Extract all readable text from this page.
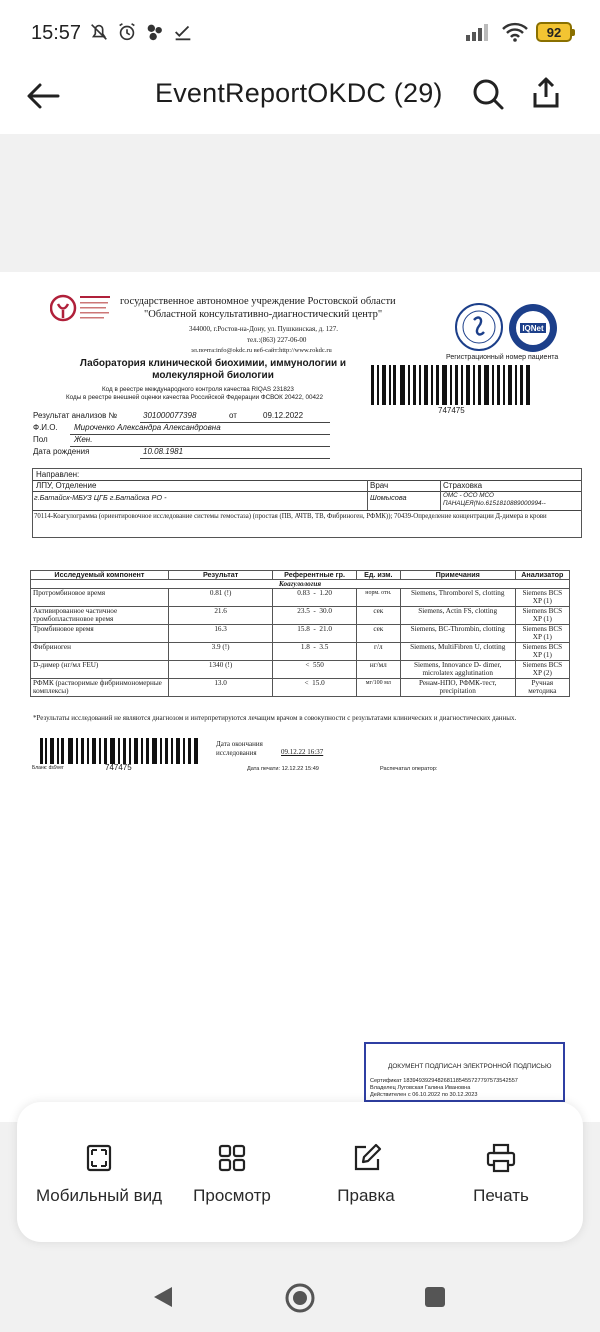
15:57	92
EventReportOKDC (29)
государственное автономное учреждение Ростовской области
"Областной консультативно-диагностический центр"
344000, г.Ростов-на-Дону, ул. Пушкинская, д. 127.
тел.:(863) 227-06-00
эл.почта:info@okdc.ru веб-сайт:http://www.rokdc.ru
IQNet
Регистрационный номер пациента
Лаборатория клинической биохимии, иммунологии и молекулярной биологии
Код в реестре международного контроля качества RIQAS 231823
Коды в реестре внешней оценки качества Российской Федерации ФСВОК 20422, 00422
747475
Результат анализов №	301000077398	от	09.12.2022
Ф.И.О. Мироченко Александра Александровна
Пол	Жен.
Дата рождения	10.08.1981
Направлен:
ЛПУ, Отделение	Врач	Страховка
г.Батайск-МБУЗ ЦГБ г.Батайска РО -	Шомысова	ОМС - ОСО МСО
ПАНАЦЕЯ(No.6151810889000994--
70114-Коагулограмма (ориентировочное исследование системы гемостаза) (простая (ПВ, АЧТВ, ТВ, Фибриноген, РФМК)); 70439-Определение концентрации Д-димера в крови
Исследуемый компонент	Результат	Референтные гр.	Ед. изм.	Примечания	Анализатор
Коагулология					
Протромбиновое время	0.81 (!)	0.83  -  1.20	норм. отн.	Siemens, Thromborel S, clotting	Siemens BCS XP (1)
Активированное частичное тромбопластиновое время	21.6	23.5  -  30.0	сек	Siemens, Actin FS, clotting	Siemens BCS XP (1)
Тромбиновое время	16.3	15.8  -  21.0	сек	Siemens, BC-Thrombin, clotting	Siemens BCS XP (1)
Фибриноген	3.9 (!)	1.8  -  3.5	г/л	Siemens, MultiFibren U, clotting	Siemens BCS XP (1)
D-димер (нг/мл FEU)	1340 (!)	<  550	нг/мл	Siemens, Innovance D- dimer, microlatex agglutination	Siemens BCS XP (2)
РФМК (растворимые фибринмономерные комплексы)	13.0	<  15.0	мг/100 мл	Ренам-НПО, РФМК-тест, precipitation	Ручная методика
*Результаты исследований не являются диагнозом и интерпретируются лечащим врачом в совокупности с результатами клинических и диагностических данных.
Бланк: ds9ver	747475
Дата окончания
исследования	09.12.22 16:37
Дата печати: 12.12.22 15:49	Распечатал оператор:
ДОКУМЕНТ ПОДПИСАН ЭЛЕКТРОННОЙ ПОДПИСЬЮ
Сертификат 1839493929482681185455727797573542557
Владелец Луговская Галина Ивановна
Действителен с 06.10.2022 по 30.12.2023
Мобильный вид	Просмотр	Правка	Печать
